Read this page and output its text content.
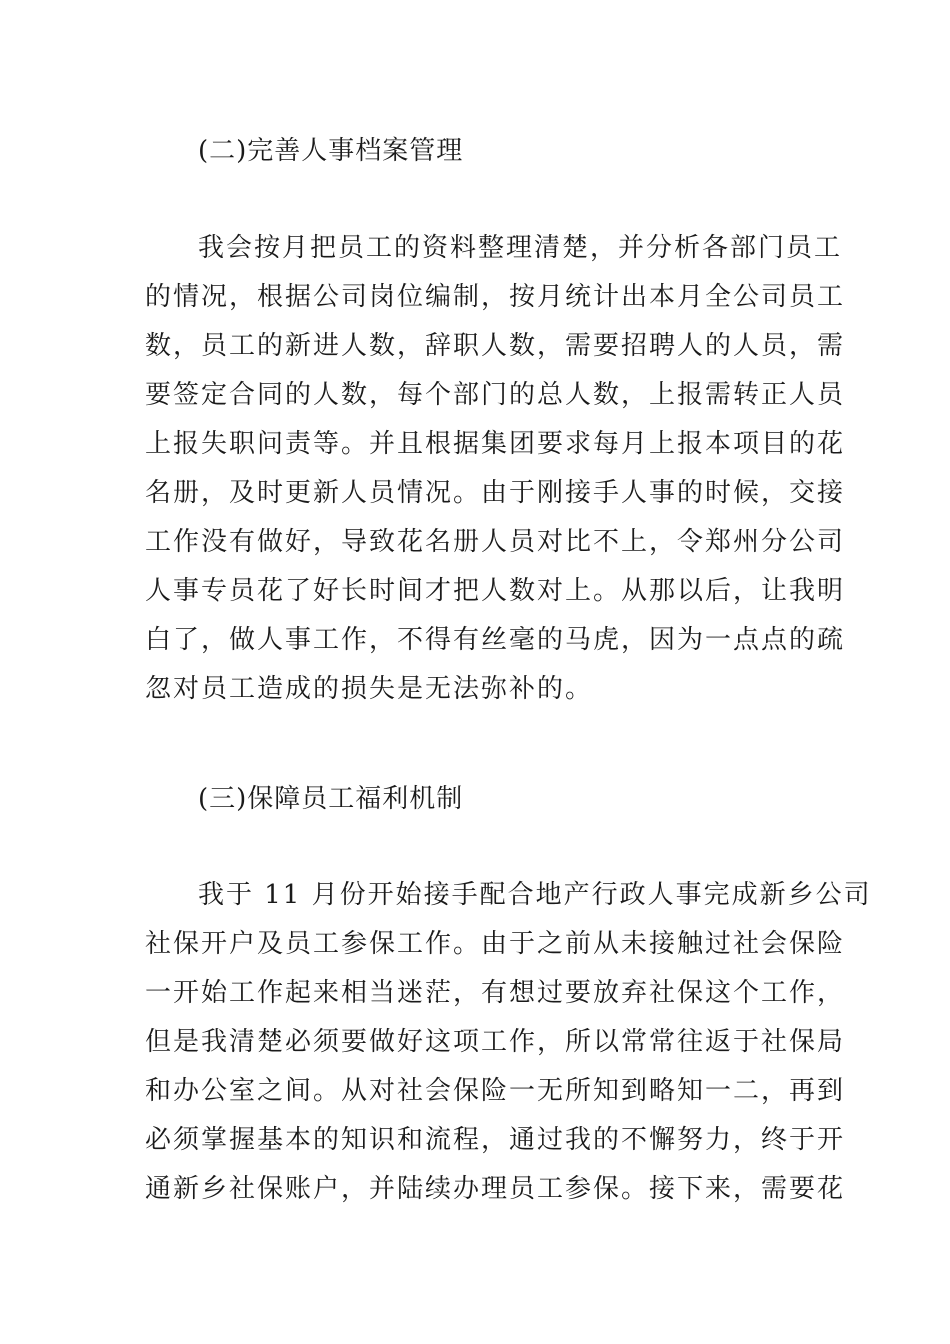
(二)完善人事档案管理
我会按月把员工的资料整理清楚，并分析各部门员工
的情况，根据公司岗位编制，按月统计出本月全公司员工
数，员工的新进人数，辞职人数，需要招聘人的人员，需
要签定合同的人数，每个部门的总人数，上报需转正人员
上报失职问责等。并且根据集团要求每月上报本项目的花
名册，及时更新人员情况。由于刚接手人事的时候，交接
工作没有做好，导致花名册人员对比不上，令郑州分公司
人事专员花了好长时间才把人数对上。从那以后，让我明
白了，做人事工作，不得有丝毫的马虎，因为一点点的疏
忽对员工造成的损失是无法弥补的。
(三)保障员工福利机制
我于 11 月份开始接手配合地产行政人事完成新乡公司
社保开户及员工参保工作。由于之前从未接触过社会保险
一开始工作起来相当迷茫，有想过要放弃社保这个工作，
但是我清楚必须要做好这项工作，所以常常往返于社保局
和办公室之间。从对社会保险一无所知到略知一二，再到
必须掌握基本的知识和流程，通过我的不懈努力，终于开
通新乡社保账户，并陆续办理员工参保。接下来，需要花
